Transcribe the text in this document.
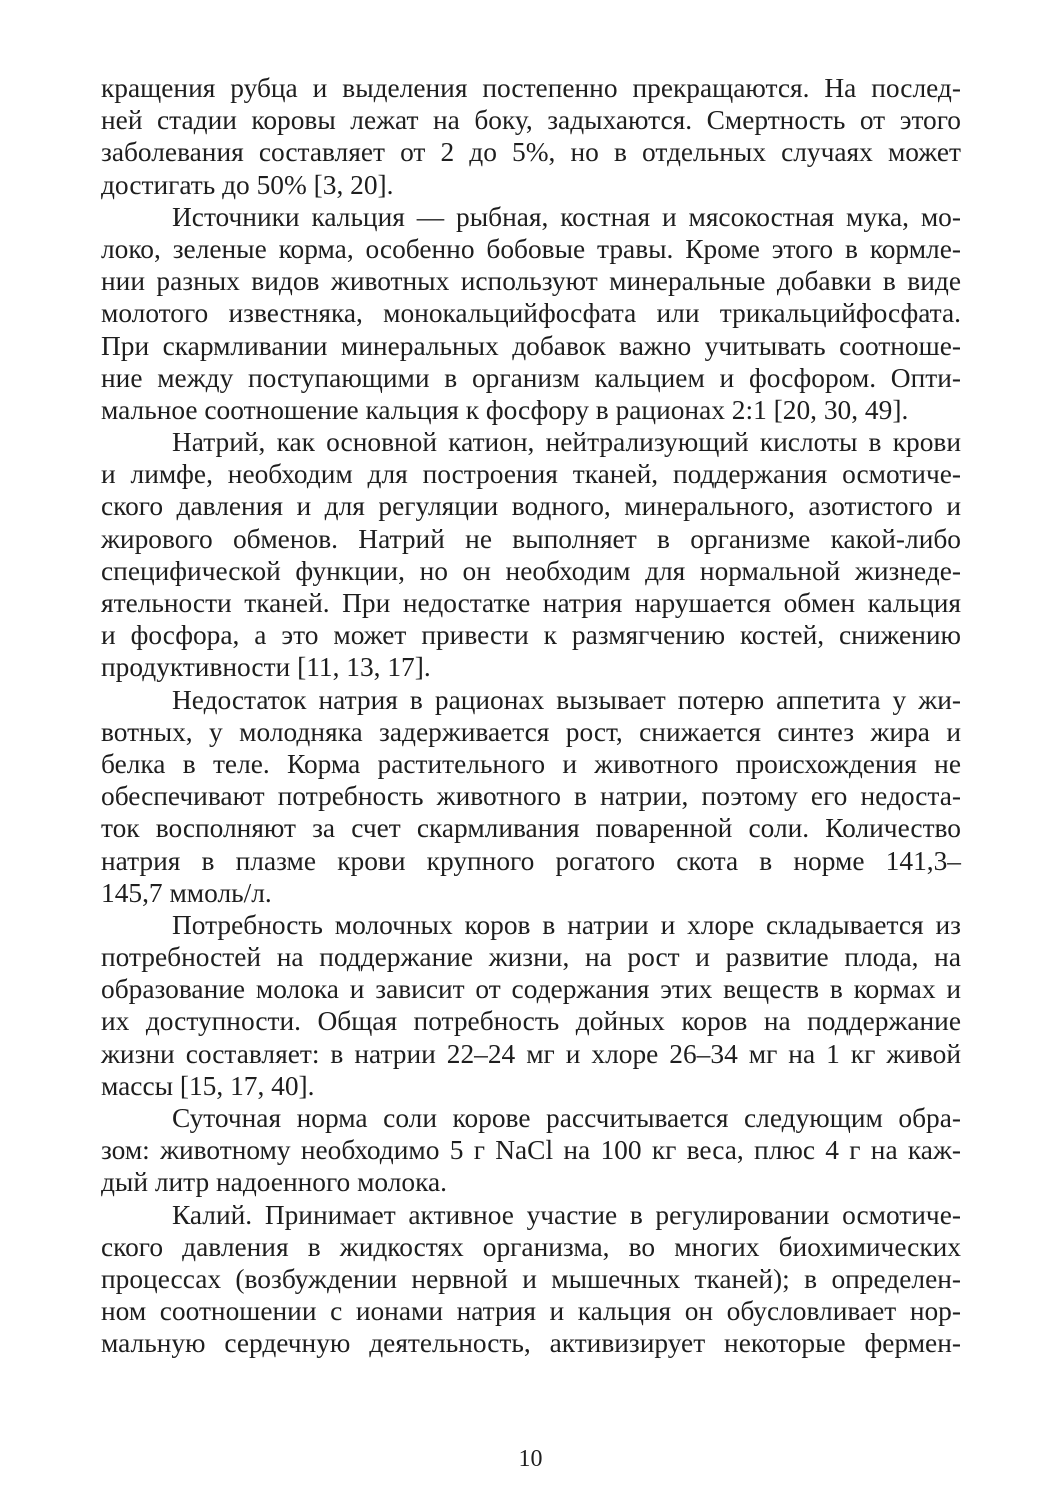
кращения рубца и выделения постепенно прекращаются. На послед-
ней стадии коровы лежат на боку, задыхаются. Смертность от этого
заболевания составляет от 2 до 5%, но в отдельных случаях может
достигать до 50% [3, 20].
Источники кальция — рыбная, костная и мясокостная мука, мо-
локо, зеленые корма, особенно бобовые травы. Кроме этого в кормле-
нии разных видов животных используют минеральные добавки в виде
молотого известняка, монокальцийфосфата или трикальцийфосфата.
При скармливании минеральных добавок важно учитывать соотноше-
ние между поступающими в организм кальцием и фосфором. Опти-
мальное соотношение кальция к фосфору в рационах 2:1 [20, 30, 49].
Натрий, как основной катион, нейтрализующий кислоты в крови
и лимфе, необходим для построения тканей, поддержания осмотиче-
ского давления и для регуляции водного, минерального, азотистого и
жирового обменов. Натрий не выполняет в организме какой-либо
специфической функции, но он необходим для нормальной жизнеде-
ятельности тканей. При недостатке натрия нарушается обмен кальция
и фосфора, а это может привести к размягчению костей, снижению
продуктивности [11, 13, 17].
Недостаток натрия в рационах вызывает потерю аппетита у жи-
вотных, у молодняка задерживается рост, снижается синтез жира и
белка в теле. Корма растительного и животного происхождения не
обеспечивают потребность животного в натрии, поэтому его недоста-
ток восполняют за счет скармливания поваренной соли. Количество
натрия в плазме крови крупного рогатого скота в норме 141,3–
145,7 ммоль/л.
Потребность молочных коров в натрии и хлоре складывается из
потребностей на поддержание жизни, на рост и развитие плода, на
образование молока и зависит от содержания этих веществ в кормах и
их доступности. Общая потребность дойных коров на поддержание
жизни составляет: в натрии 22–24 мг и хлоре 26–34 мг на 1 кг живой
массы [15, 17, 40].
Суточная норма соли корове рассчитывается следующим обра-
зом: животному необходимо 5 г NaCl на 100 кг веса, плюс 4 г на каж-
дый литр надоенного молока.
Калий. Принимает активное участие в регулировании осмотиче-
ского давления в жидкостях организма, во многих биохимических
процессах (возбуждении нервной и мышечных тканей); в определен-
ном соотношении с ионами натрия и кальция он обусловливает нор-
мальную сердечную деятельность, активизирует некоторые фермен-
10
